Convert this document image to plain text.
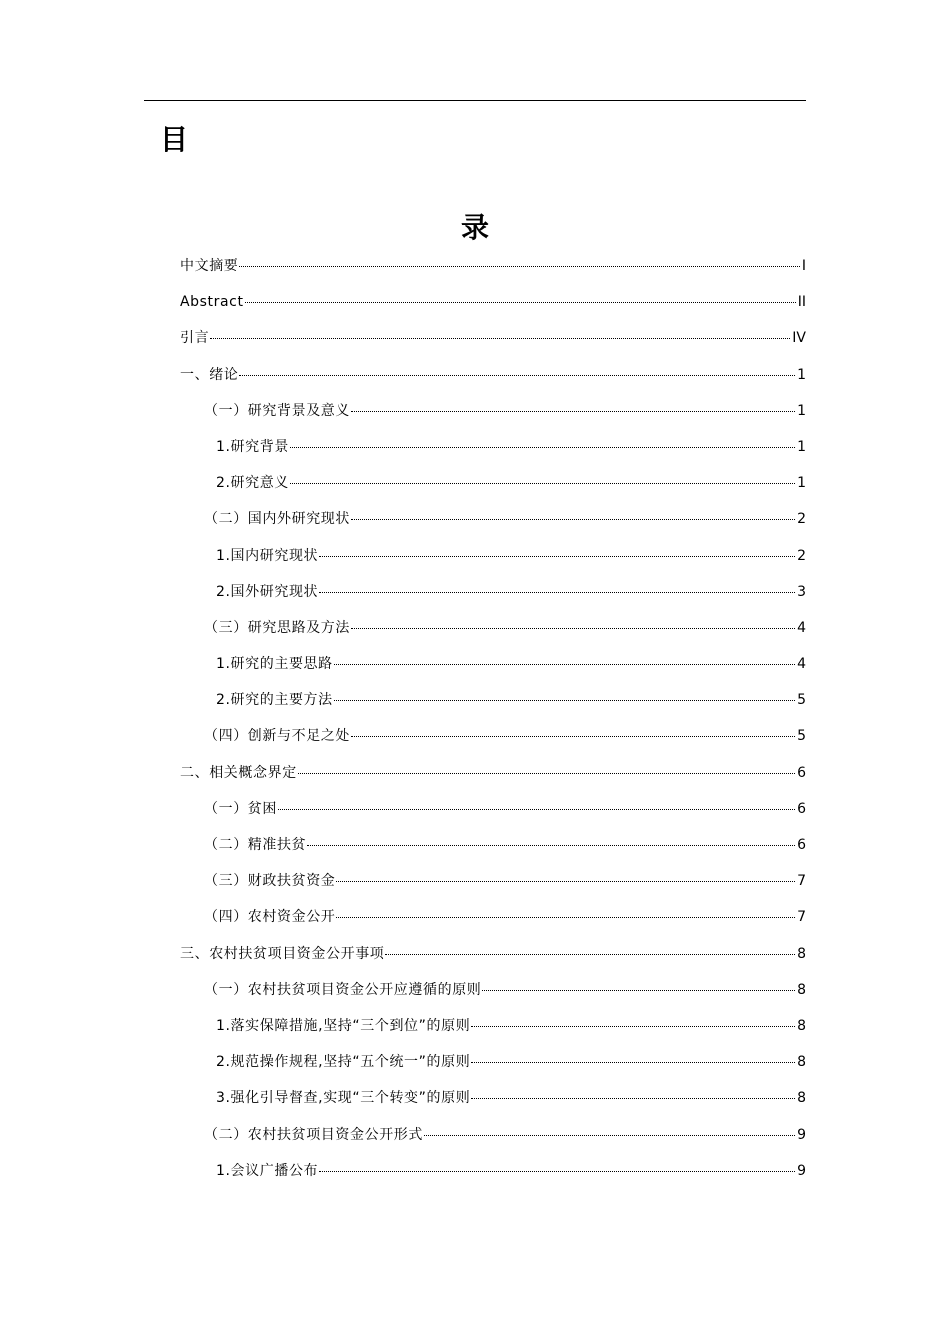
目
录
中文摘要	I
Abstract	II
引言	IV
一、绪论	1
（一）研究背景及意义	1
1.研究背景	1
2.研究意义	1
（二）国内外研究现状	2
1.国内研究现状	2
2.国外研究现状	3
（三）研究思路及方法	4
1.研究的主要思路	4
2.研究的主要方法	5
（四）创新与不足之处	5
二、相关概念界定	6
（一）贫困	6
（二）精准扶贫	6
（三）财政扶贫资金	7
（四）农村资金公开	7
三、农村扶贫项目资金公开事项	8
（一）农村扶贫项目资金公开应遵循的原则	8
1.落实保障措施,坚持“三个到位”的原则	8
2.规范操作规程,坚持“五个统一”的原则	8
3.强化引导督查,实现“三个转变”的原则	8
（二）农村扶贫项目资金公开形式	9
1.会议广播公布	9
